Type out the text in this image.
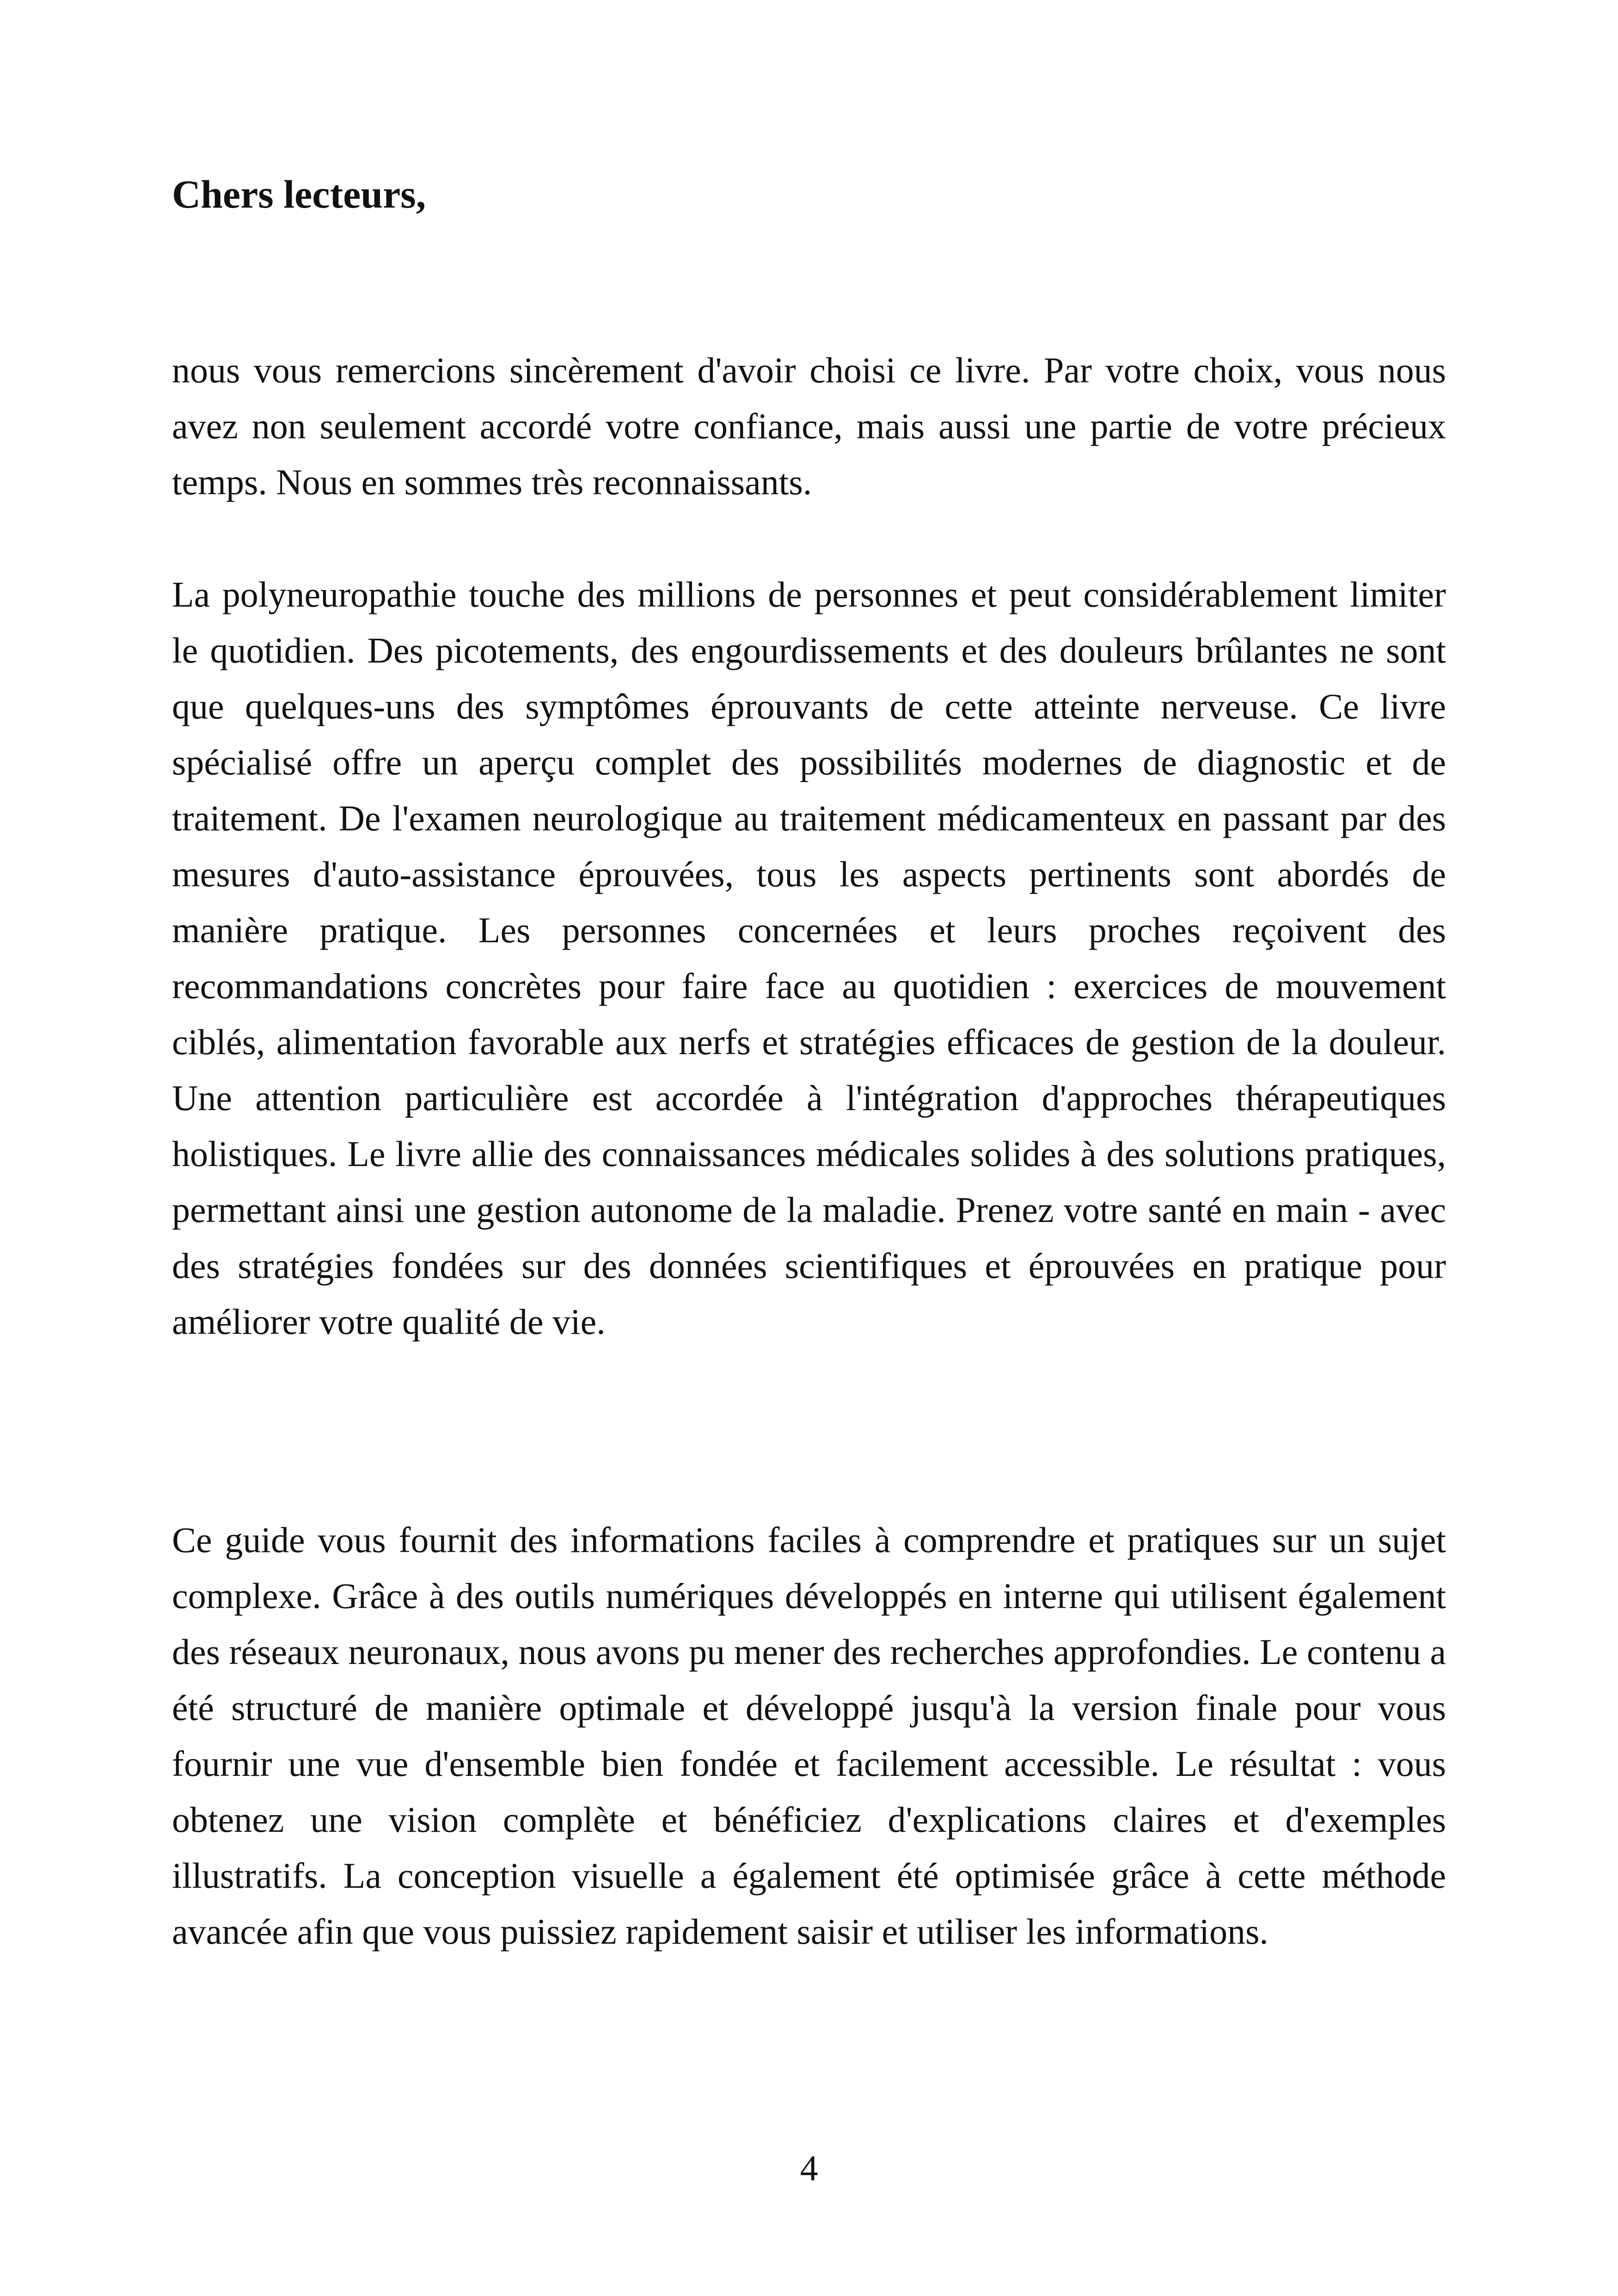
Chers lecteurs,

nous vous remercions sincèrement d'avoir choisi ce livre. Par votre choix, vous nous avez non seulement accordé votre confiance, mais aussi une partie de votre précieux temps. Nous en sommes très reconnaissants.

La polyneuropathie touche des millions de personnes et peut considérablement limiter le quotidien. Des picotements, des engourdissements et des douleurs brûlantes ne sont que quelques-uns des symptômes éprouvants de cette atteinte nerveuse. Ce livre spécialisé offre un aperçu complet des possibilités modernes de diagnostic et de traitement. De l'examen neurologique au traitement médicamenteux en passant par des mesures d'auto-assistance éprouvées, tous les aspects pertinents sont abordés de manière pratique. Les personnes concernées et leurs proches reçoivent des recommandations concrètes pour faire face au quotidien : exercices de mouvement ciblés, alimentation favorable aux nerfs et stratégies efficaces de gestion de la douleur. Une attention particulière est accordée à l'intégration d'approches thérapeutiques holistiques. Le livre allie des connaissances médicales solides à des solutions pratiques, permettant ainsi une gestion autonome de la maladie. Prenez votre santé en main - avec des stratégies fondées sur des données scientifiques et éprouvées en pratique pour améliorer votre qualité de vie.

Ce guide vous fournit des informations faciles à comprendre et pratiques sur un sujet complexe. Grâce à des outils numériques développés en interne qui utilisent également des réseaux neuronaux, nous avons pu mener des recherches approfondies. Le contenu a été structuré de manière optimale et développé jusqu'à la version finale pour vous fournir une vue d'ensemble bien fondée et facilement accessible. Le résultat : vous obtenez une vision complète et bénéficiez d'explications claires et d'exemples illustratifs. La conception visuelle a également été optimisée grâce à cette méthode avancée afin que vous puissiez rapidement saisir et utiliser les informations.

4
